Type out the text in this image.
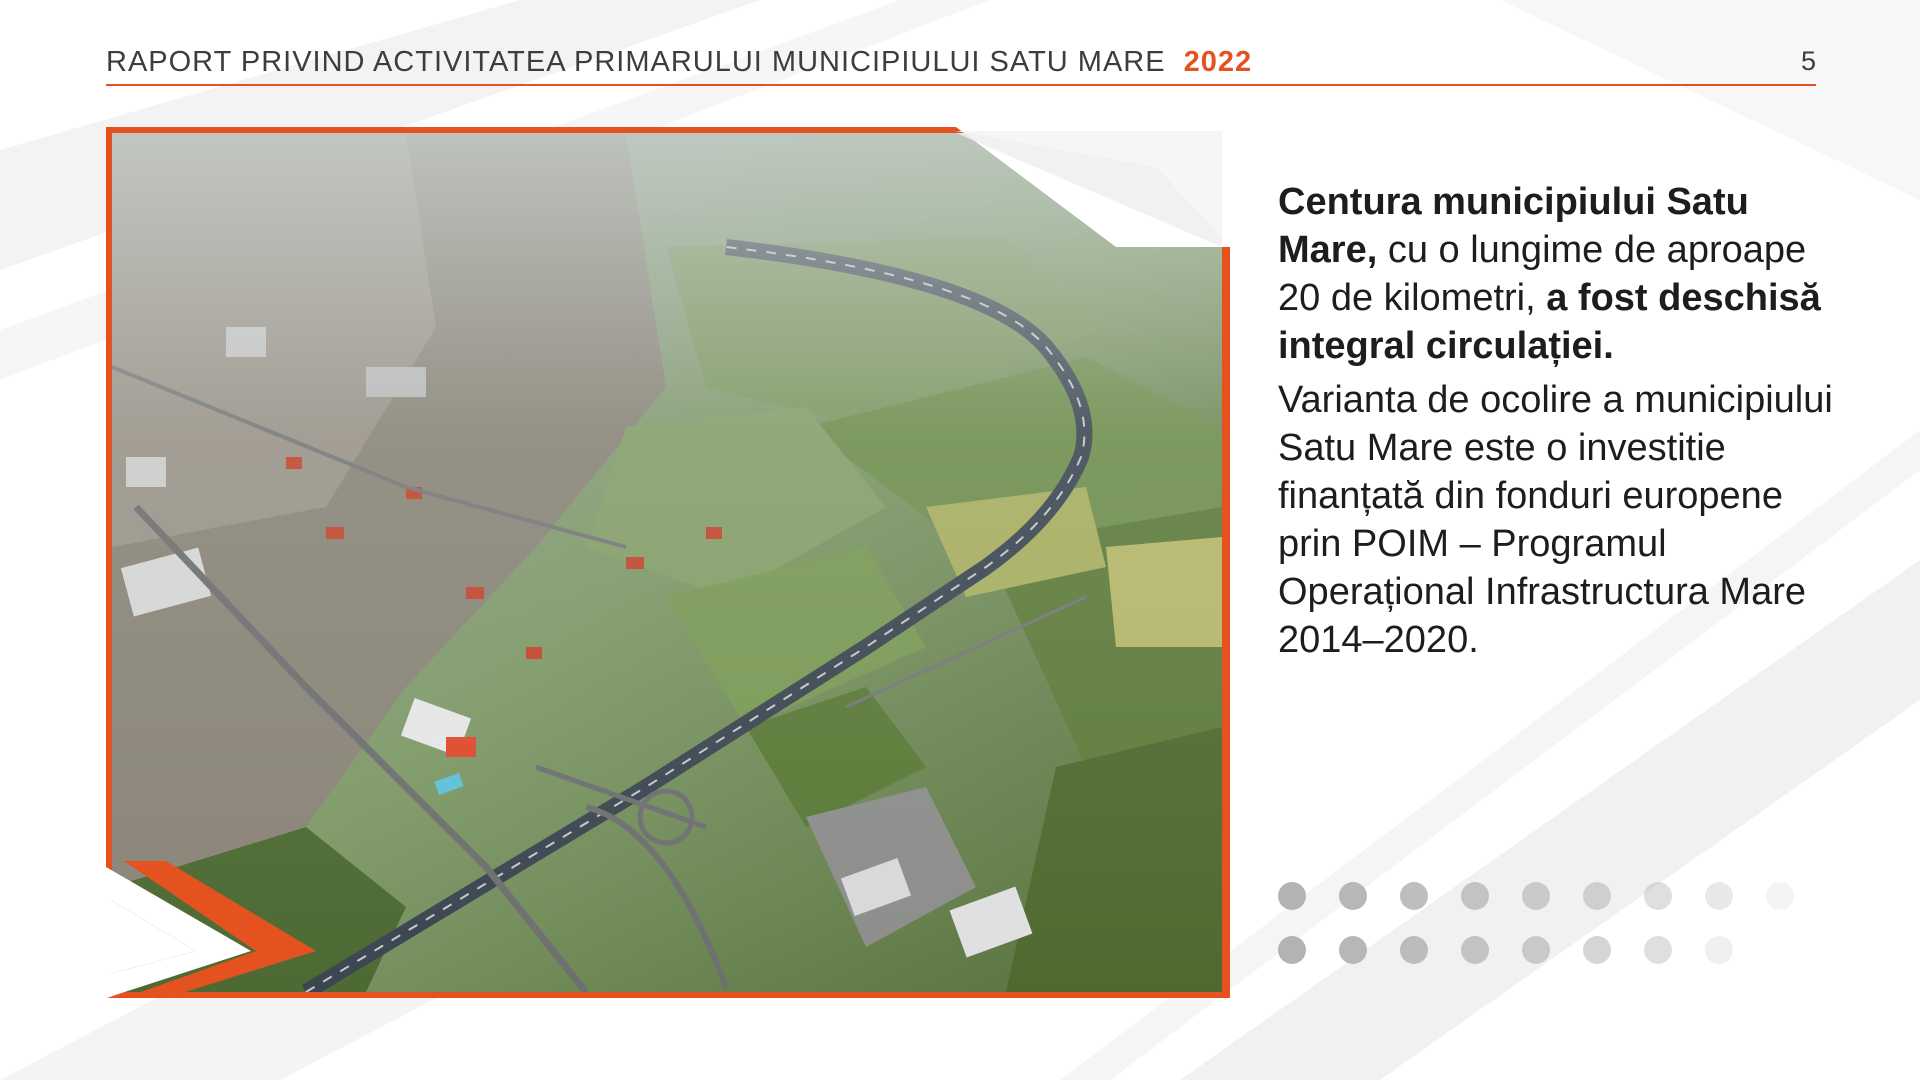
RAPORT PRIVIND ACTIVITATEA PRIMARULUI MUNICIPIULUI SATU MARE 2022	5

Centura municipiului Satu Mare, cu o lungime de aproape 20 de kilometri, a fost deschisă integral circulației.

Varianta de ocolire a municipiului Satu Mare este o investitie finanțată din fonduri europene prin POIM – Programul Operațional Infrastructura Mare 2014–2020.
